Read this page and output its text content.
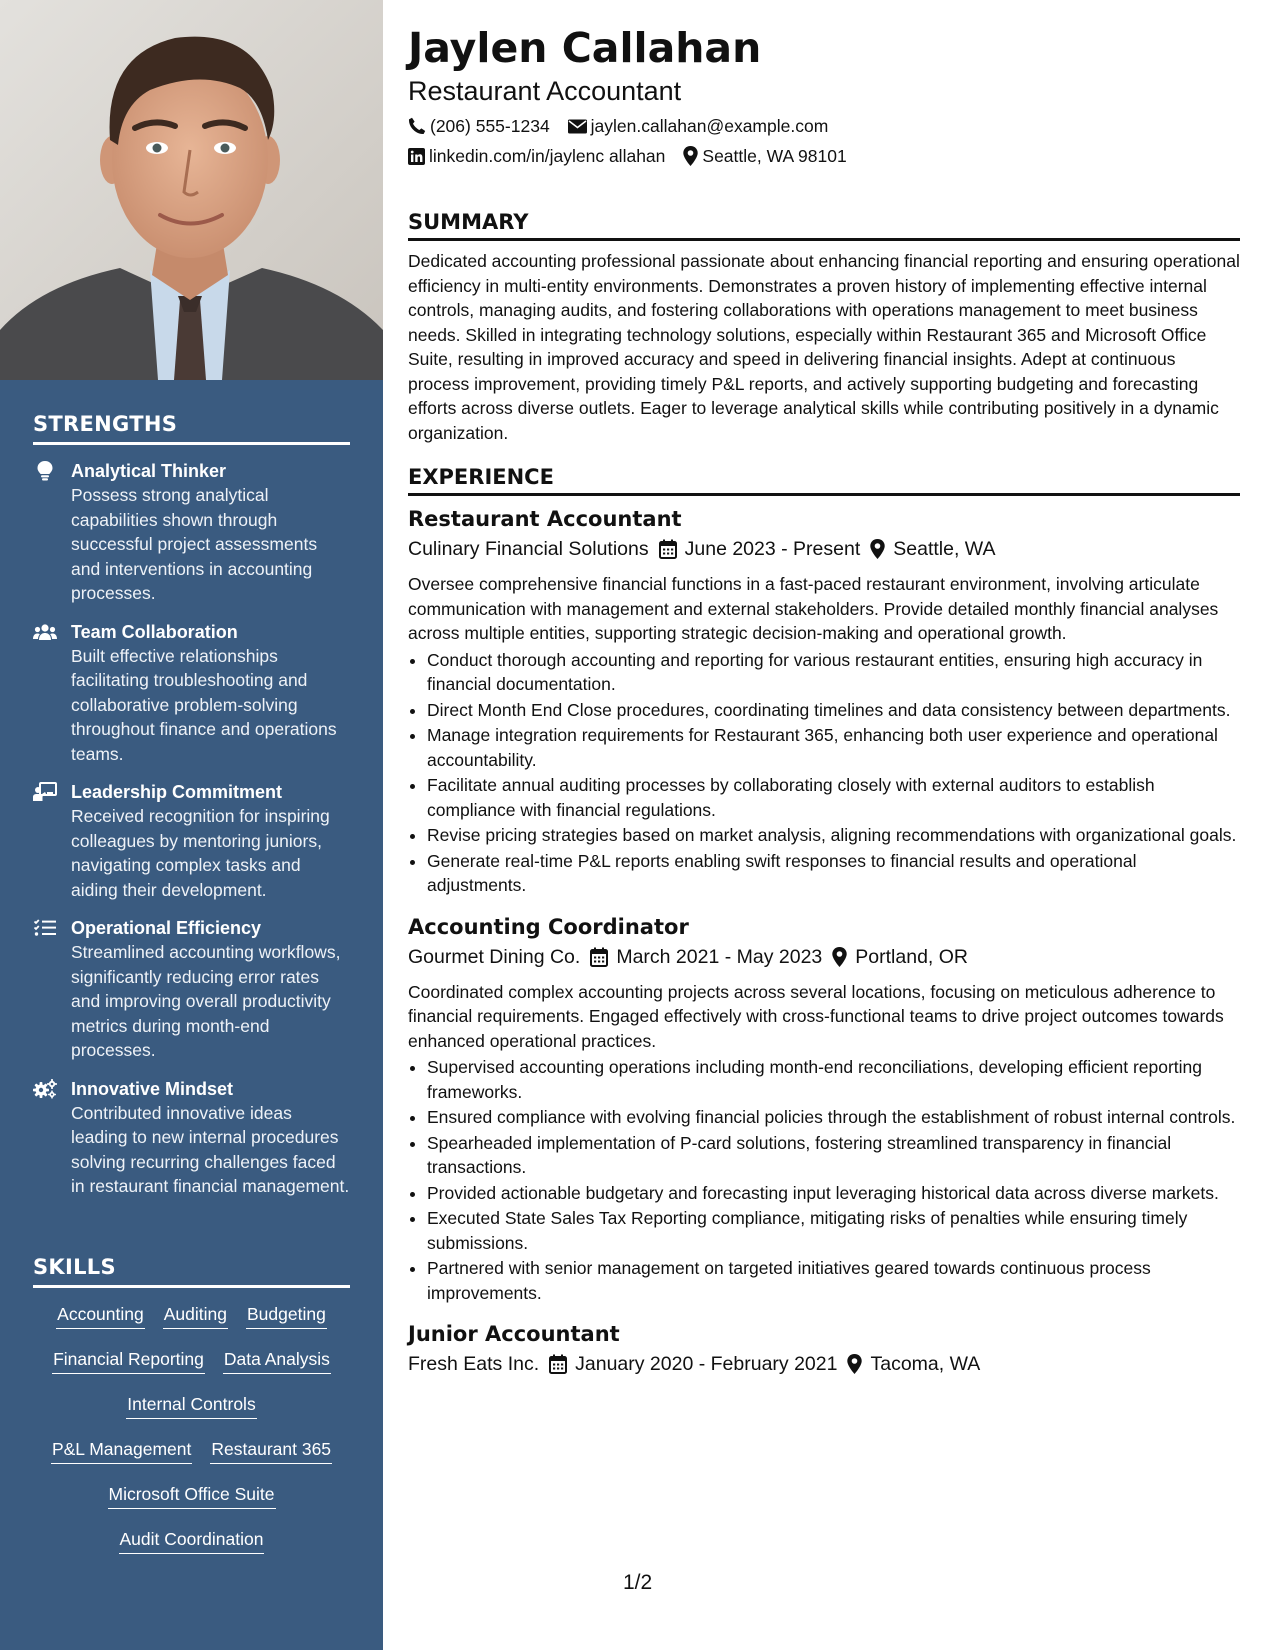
STRENGTHS
Analytical Thinker
Possess strong analytical capabilities shown through successful project assessments and interventions in accounting processes.
Team Collaboration
Built effective relationships facilitating troubleshooting and collaborative problem-solving throughout finance and operations teams.
Leadership Commitment
Received recognition for inspiring colleagues by mentoring juniors, navigating complex tasks and aiding their development.
Operational Efficiency
Streamlined accounting workflows, significantly reducing error rates and improving overall productivity metrics during month-end processes.
Innovative Mindset
Contributed innovative ideas leading to new internal procedures solving recurring challenges faced in restaurant financial management.
SKILLS
Accounting Auditing Budgeting
Financial Reporting Data Analysis
Internal Controls
P&L Management Restaurant 365
Microsoft Office Suite
Audit Coordination
Jaylen Callahan
Restaurant Accountant
(206) 555-1234 jaylen.callahan@example.com
linkedin.com/in/jaylenc allahan Seattle, WA 98101
SUMMARY

Dedicated accounting professional passionate about enhancing financial reporting and ensuring operational efficiency in multi-entity environments. Demonstrates a proven history of implementing effective internal controls, managing audits, and fostering collaborations with operations management to meet business needs. Skilled in integrating technology solutions, especially within Restaurant 365 and Microsoft Office Suite, resulting in improved accuracy and speed in delivering financial insights. Adept at continuous process improvement, providing timely P&L reports, and actively supporting budgeting and forecasting efforts across diverse outlets. Eager to leverage analytical skills while contributing positively in a dynamic organization.

EXPERIENCE
Restaurant Accountant
Culinary Financial Solutions June 2023 - Present Seattle, WA

Oversee comprehensive financial functions in a fast-paced restaurant environment, involving articulate communication with management and external stakeholders. Provide detailed monthly financial analyses across multiple entities, supporting strategic decision-making and operational growth.

• Conduct thorough accounting and reporting for various restaurant entities, ensuring high accuracy in financial documentation.
• Direct Month End Close procedures, coordinating timelines and data consistency between departments.
• Manage integration requirements for Restaurant 365, enhancing both user experience and operational accountability.
• Facilitate annual auditing processes by collaborating closely with external auditors to establish compliance with financial regulations.
• Revise pricing strategies based on market analysis, aligning recommendations with organizational goals.
• Generate real-time P&L reports enabling swift responses to financial results and operational adjustments.
Accounting Coordinator
Gourmet Dining Co. March 2021 - May 2023 Portland, OR

Coordinated complex accounting projects across several locations, focusing on meticulous adherence to financial requirements. Engaged effectively with cross-functional teams to drive project outcomes towards enhanced operational practices.

• Supervised accounting operations including month-end reconciliations, developing efficient reporting frameworks.
• Ensured compliance with evolving financial policies through the establishment of robust internal controls.
• Spearheaded implementation of P-card solutions, fostering streamlined transparency in financial transactions.
• Provided actionable budgetary and forecasting input leveraging historical data across diverse markets.
• Executed State Sales Tax Reporting compliance, mitigating risks of penalties while ensuring timely submissions.
• Partnered with senior management on targeted initiatives geared towards continuous process improvements.
Junior Accountant
Fresh Eats Inc. January 2020 - February 2021 Tacoma, WA
1/2
